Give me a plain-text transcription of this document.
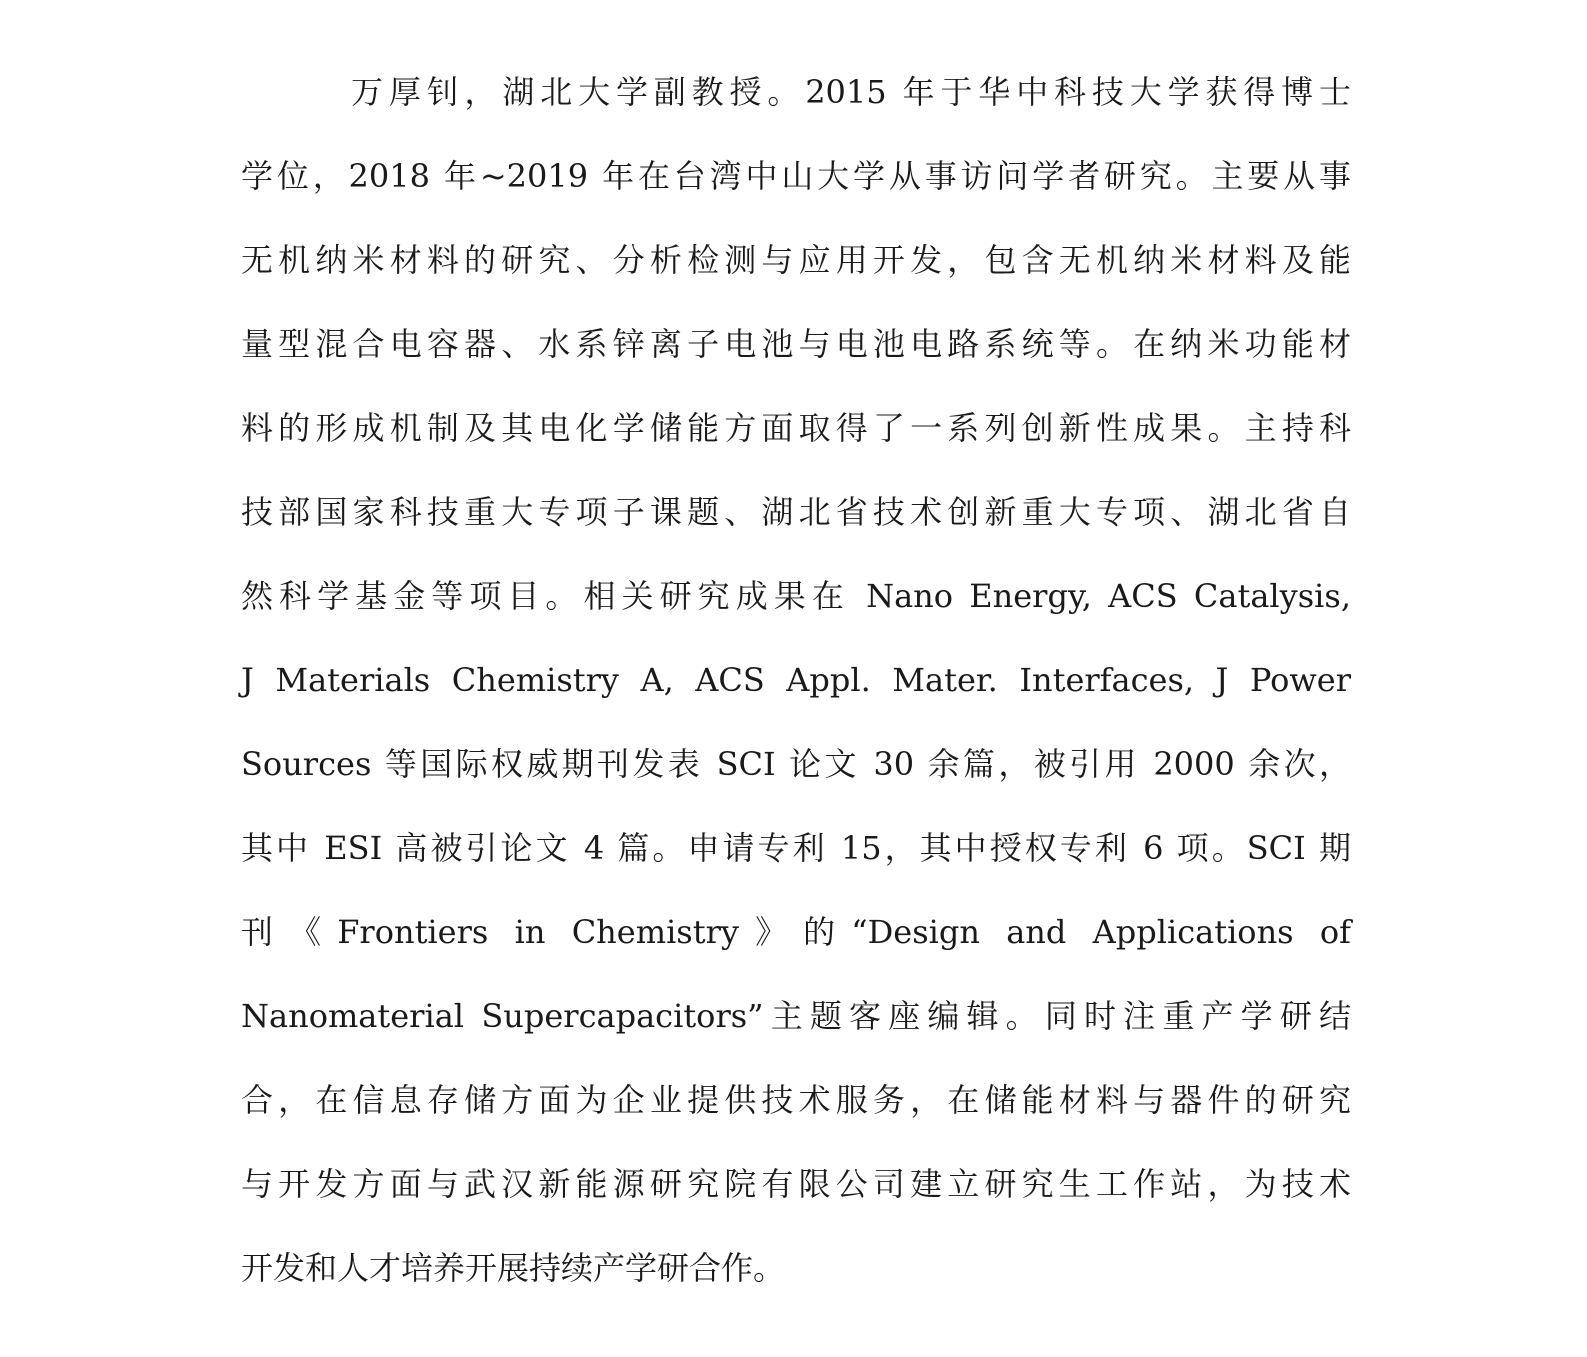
万厚钊，湖北大学副教授。2015 年于华中科技大学获得博士
学位，2018 年~2019 年在台湾中山大学从事访问学者研究。主要从事
无机纳米材料的研究、分析检测与应用开发，包含无机纳米材料及能
量型混合电容器、水系锌离子电池与电池电路系统等。在纳米功能材
料的形成机制及其电化学储能方面取得了一系列创新性成果。主持科
技部国家科技重大专项子课题、湖北省技术创新重大专项、湖北省自
然科学基金等项目。相关研究成果在 Nano Energy, ACS Catalysis,
J Materials Chemistry A, ACS Appl. Mater. Interfaces, J Power
Sources 等国际权威期刊发表 SCI 论文 30 余篇，被引用 2000 余次，
其中 ESI 高被引论文 4 篇。申请专利 15，其中授权专利 6 项。SCI 期
刊《Frontiers in Chemistry》的“Design and Applications of
Nanomaterial Supercapacitors”主题客座编辑。同时注重产学研结
合，在信息存储方面为企业提供技术服务，在储能材料与器件的研究
与开发方面与武汉新能源研究院有限公司建立研究生工作站，为技术
开发和人才培养开展持续产学研合作。
